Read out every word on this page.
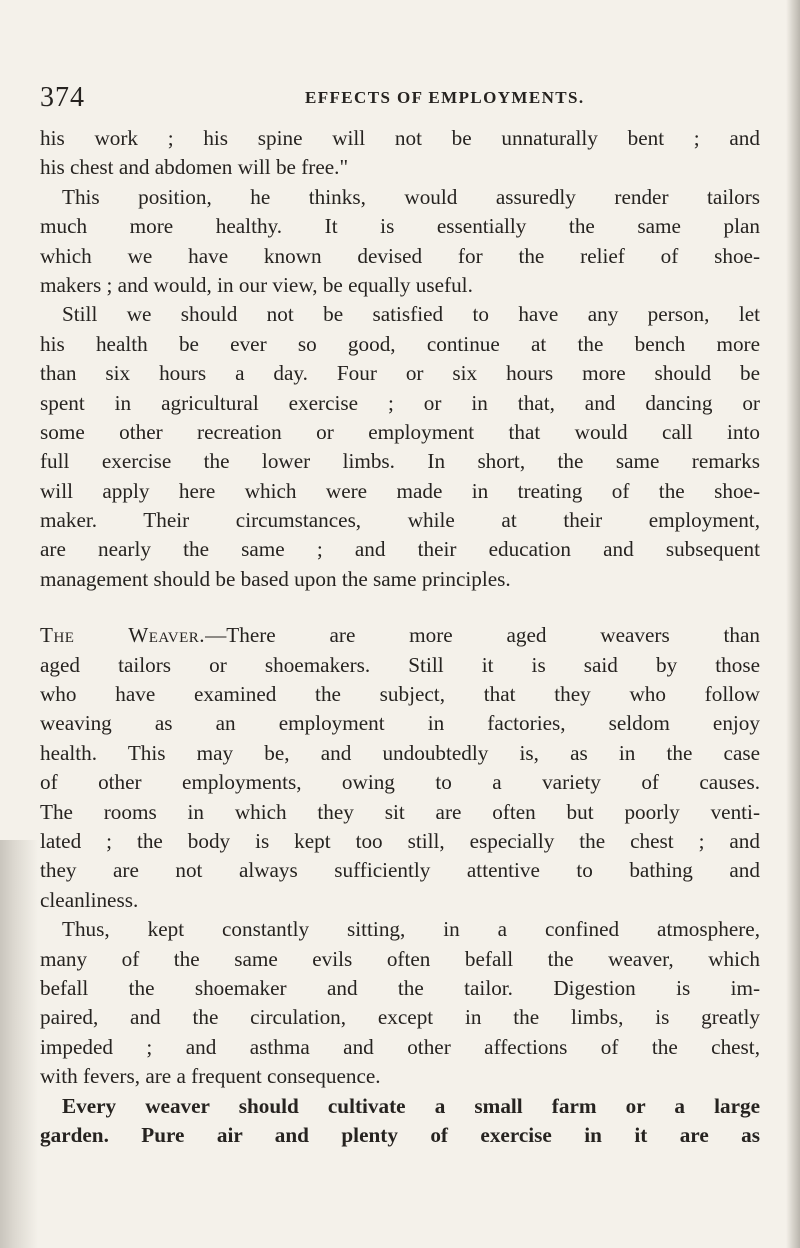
374	EFFECTS OF EMPLOYMENTS.
his work ; his spine will not be unnaturally bent ; and
his chest and abdomen will be free."
This position, he thinks, would assuredly render tailors
much more healthy. It is essentially the same plan
which we have known devised for the relief of shoe-
makers ; and would, in our view, be equally useful.
Still we should not be satisfied to have any person, let
his health be ever so good, continue at the bench more
than six hours a day. Four or six hours more should be
spent in agricultural exercise ; or in that, and dancing or
some other recreation or employment that would call into
full exercise the lower limbs. In short, the same remarks
will apply here which were made in treating of the shoe-
maker. Their circumstances, while at their employment,
are nearly the same ; and their education and subsequent
management should be based upon the same principles.
The	Weaver.—There are more aged weavers than
aged tailors or shoemakers. Still it is said by those
who have examined the subject, that they who follow
weaving as an employment in factories, seldom enjoy
health. This may be, and undoubtedly is, as in the case
of other employments, owing to a variety of causes.
The rooms in which they sit are often but poorly venti-
lated ; the body is kept too still, especially the chest ; and
they are not always sufficiently attentive to bathing and
cleanliness.
Thus, kept constantly sitting, in a confined atmosphere,
many of the same evils often befall the weaver, which
befall the shoemaker and the tailor. Digestion is im-
paired, and the circulation, except in the limbs, is greatly
impeded ; and asthma and other affections of the chest,
with fevers, are a frequent consequence.
Every weaver should cultivate a small farm or a large
garden. Pure air and plenty of exercise in it are as
